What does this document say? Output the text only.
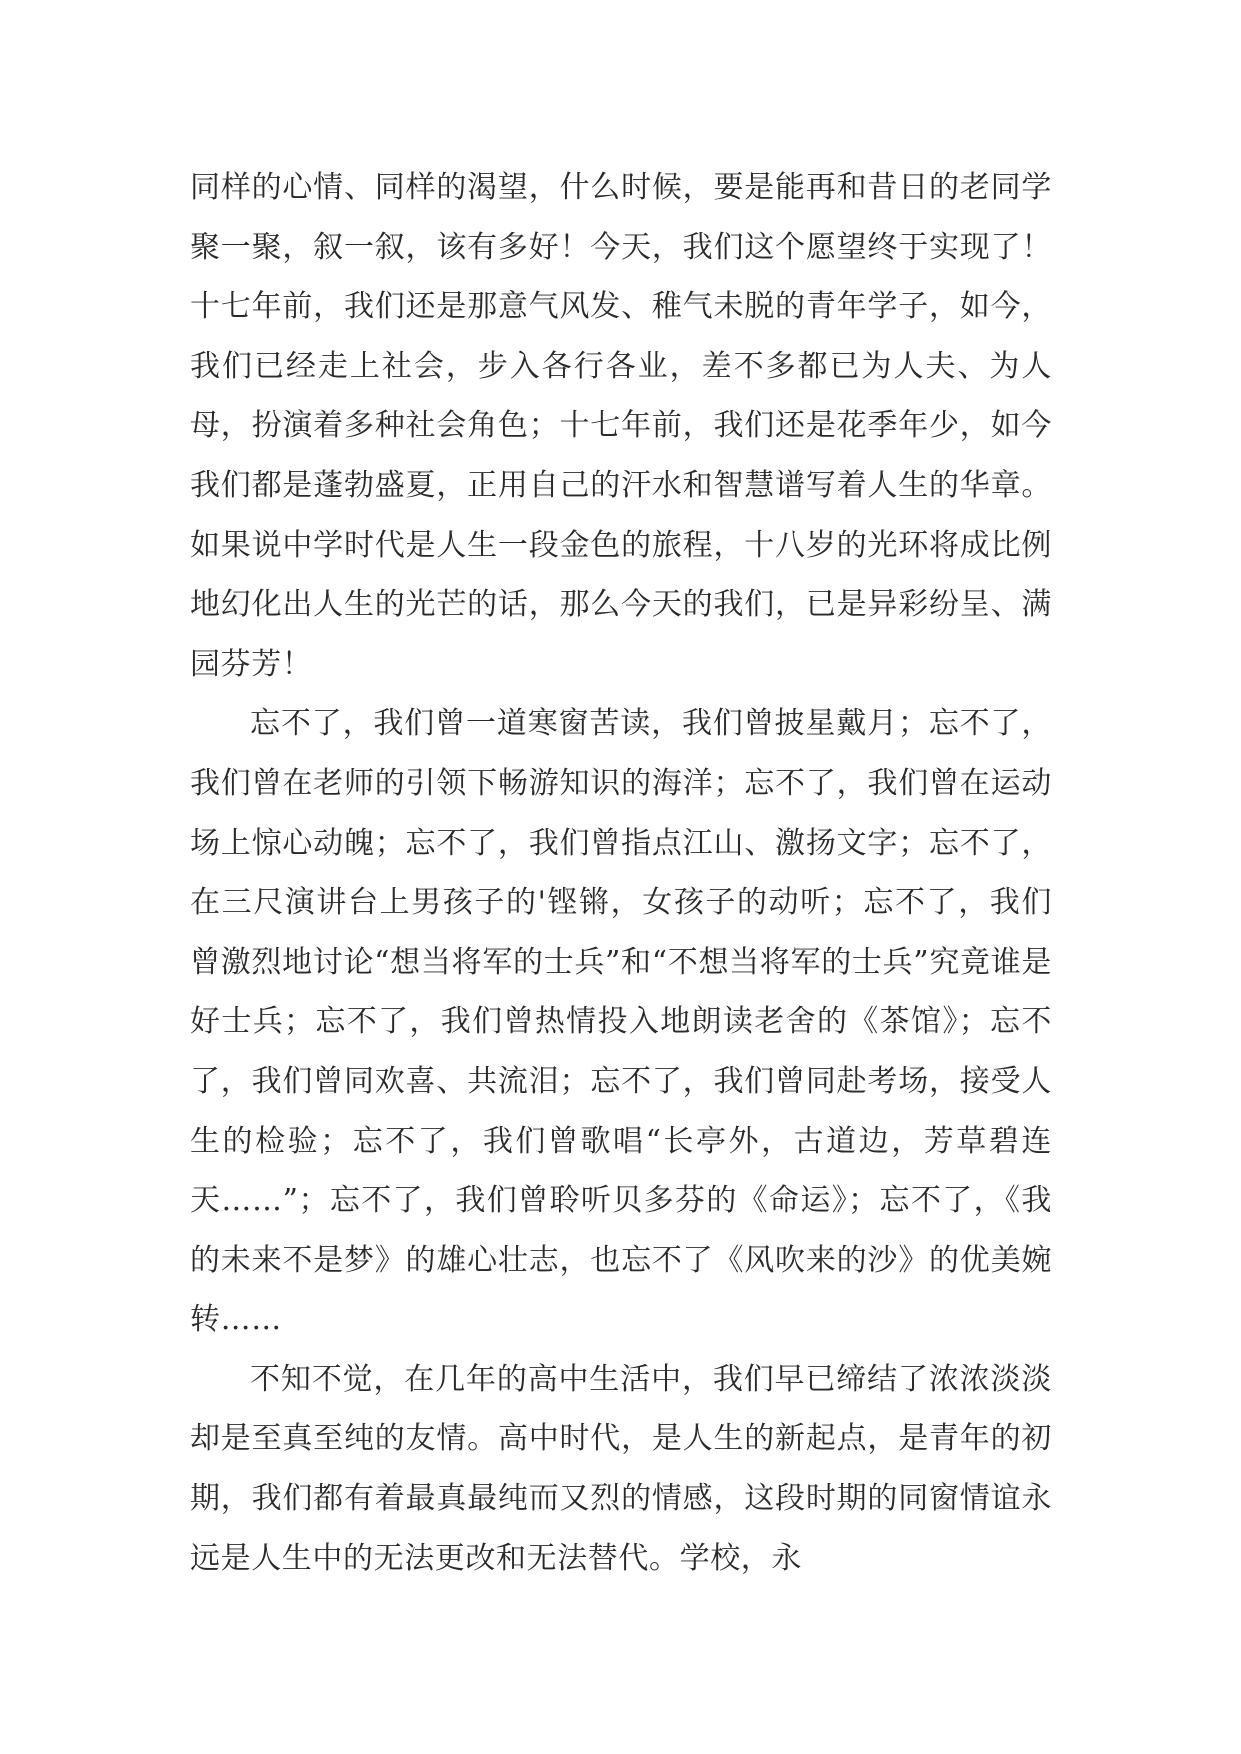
同样的心情、同样的渴望，什么时候，要是能再和昔日的老同学聚一聚，叙一叙，该有多好！今天，我们这个愿望终于实现了！十七年前，我们还是那意气风发、稚气未脱的青年学子，如今，我们已经走上社会，步入各行各业，差不多都已为人夫、为人母，扮演着多种社会角色；十七年前，我们还是花季年少，如今我们都是蓬勃盛夏，正用自己的汗水和智慧谱写着人生的华章。如果说中学时代是人生一段金色的旅程，十八岁的光环将成比例地幻化出人生的光芒的话，那么今天的我们，已是异彩纷呈、满园芬芳！

忘不了，我们曾一道寒窗苦读，我们曾披星戴月；忘不了，我们曾在老师的引领下畅游知识的海洋；忘不了，我们曾在运动场上惊心动魄；忘不了，我们曾指点江山、激扬文字；忘不了，在三尺演讲台上男孩子的'铿锵，女孩子的动听；忘不了，我们曾激烈地讨论“想当将军的士兵”和“不想当将军的士兵”究竟谁是好士兵；忘不了，我们曾热情投入地朗读老舍的《茶馆》；忘不了，我们曾同欢喜、共流泪；忘不了，我们曾同赴考场，接受人生的检验；忘不了，我们曾歌唱“长亭外，古道边，芳草碧连天……”；忘不了，我们曾聆听贝多芬的《命运》；忘不了，《我的未来不是梦》的雄心壮志，也忘不了《风吹来的沙》的优美婉转……

不知不觉，在几年的高中生活中，我们早已缔结了浓浓淡淡却是至真至纯的友情。高中时代，是人生的新起点，是青年的初期，我们都有着最真最纯而又烈的情感，这段时期的同窗情谊永远是人生中的无法更改和无法替代。学校，永
